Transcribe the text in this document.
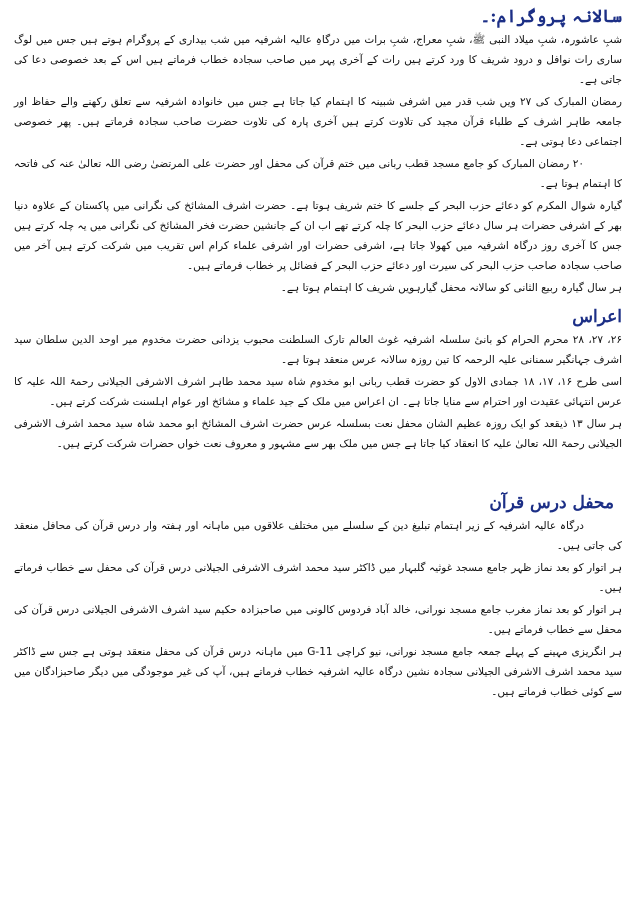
سالانہ پروگرام:۔

شبِ عاشورہ، شبِ میلاد النبی ﷺ، شبِ معراج، شبِ برات میں درگاہِ عالیہ اشرفیہ میں شب بیداری کے پروگرام ہوتے ہیں جس میں لوگ ساری رات نوافل و درود شریف کا ورد کرتے ہیں رات کے آخری پہر میں صاحب سجادہ خطاب فرماتے ہیں اس کے بعد خصوصی دعا کی جاتی ہے۔

رمضان المبارک کی ۲۷ ویں شب قدر میں اشرفی شبینہ کا اہتمام کیا جاتا ہے جس میں خانوادہ اشرفیہ سے تعلق رکھنے والے حفاظ اور جامعہ طاہر اشرف کے طلباء قرآن مجید کی تلاوت کرتے ہیں آخری پارہ کی تلاوت حضرت صاحب سجادہ فرماتے ہیں۔ پھر خصوصی اجتماعی دعا ہوتی ہے۔

۲۰ رمضان المبارک کو جامع مسجد قطب ربانی میں ختم قرآن کی محفل اور حضرت علی المرتضیٰ رضی اللہ تعالیٰ عنہ کی فاتحہ کا اہتمام ہوتا ہے۔

گیارہ شوال المکرم کو دعائے حزب البحر کے جلسے کا ختم شریف ہوتا ہے۔ حضرت اشرف المشائخ کی نگرانی میں پاکستان کے علاوہ دنیا بھر کے اشرفی حضرات ہر سال دعائے حزب البحر کا چلہ کرتے تھے اب ان کے جانشین حضرت فخر المشائخ کی نگرانی میں یہ چلہ کرتے ہیں جس کا آخری روز درگاہ اشرفیہ میں کھولا جاتا ہے، اشرفی حضرات اور اشرفی علماء کرام اس تقریب میں شرکت کرتے ہیں آخر میں صاحب سجادہ صاحب حزب البحر کی سیرت اور دعائے حزب البحر کے فضائل پر خطاب فرماتے ہیں۔

ہر سال گیارہ ربیع الثانی کو سالانہ محفل گیارہویں شریف کا اہتمام ہوتا ہے۔

اعراس

۲۶، ۲۷، ۲۸ محرم الحرام کو بانیٔ سلسلہ اشرفیہ غوث العالم تارک السلطنت محبوب یزدانی حضرت مخدوم میر اوحد الدین سلطان سید اشرف جہانگیر سمنانی علیہ الرحمہ کا تین روزہ سالانہ عرس منعقد ہوتا ہے۔

اسی طرح ۱۶، ۱۷، ۱۸ جمادی الاول کو حضرت قطب ربانی ابو مخدوم شاہ سید محمد طاہر اشرف الاشرفی الجیلانی رحمۃ اللہ علیہ کا عرس انتہائی عقیدت اور احترام سے منایا جاتا ہے۔ ان اعراس میں ملک کے جید علماء و مشائخ اور عوام اہلسنت شرکت کرتے ہیں۔

ہر سال ۱۳ ذیقعد کو ایک روزہ عظیم الشان محفل نعت بسلسلہ عرس حضرت اشرف المشائخ ابو محمد شاہ سید محمد اشرف الاشرفی الجیلانی رحمۃ اللہ تعالیٰ علیہ کا انعقاد کیا جاتا ہے جس میں ملک بھر سے مشہور و معروف نعت خواں حضرات شرکت کرتے ہیں۔

محفل درس قرآن

درگاہ عالیہ اشرفیہ کے زیر اہتمام تبلیغ دین کے سلسلے میں مختلف علاقوں میں ماہانہ اور ہفتہ وار درس قرآن کی محافل منعقد کی جاتی ہیں۔

ہر اتوار کو بعد نماز ظہر جامع مسجد غوثیہ گلبہار میں ڈاکٹر سید محمد اشرف الاشرفی الجیلانی درس قرآن کی محفل سے خطاب فرماتے ہیں۔

ہر اتوار کو بعد نماز مغرب جامع مسجد نورانی، خالد آباد فردوس کالونی میں صاحبزادہ حکیم سید اشرف الاشرفی الجیلانی درس قرآن کی محفل سے خطاب فرماتے ہیں۔

ہر انگریزی مہینے کے پہلے جمعہ جامع مسجد نورانی، نیو کراچی G-11 میں ماہانہ درس قرآن کی محفل منعقد ہوتی ہے جس سے ڈاکٹر سید محمد اشرف الاشرفی الجیلانی سجادہ نشین درگاہ عالیہ اشرفیہ خطاب فرماتے ہیں، آپ کی غیر موجودگی میں دیگر صاحبزادگان میں سے کوئی خطاب فرماتے ہیں۔
